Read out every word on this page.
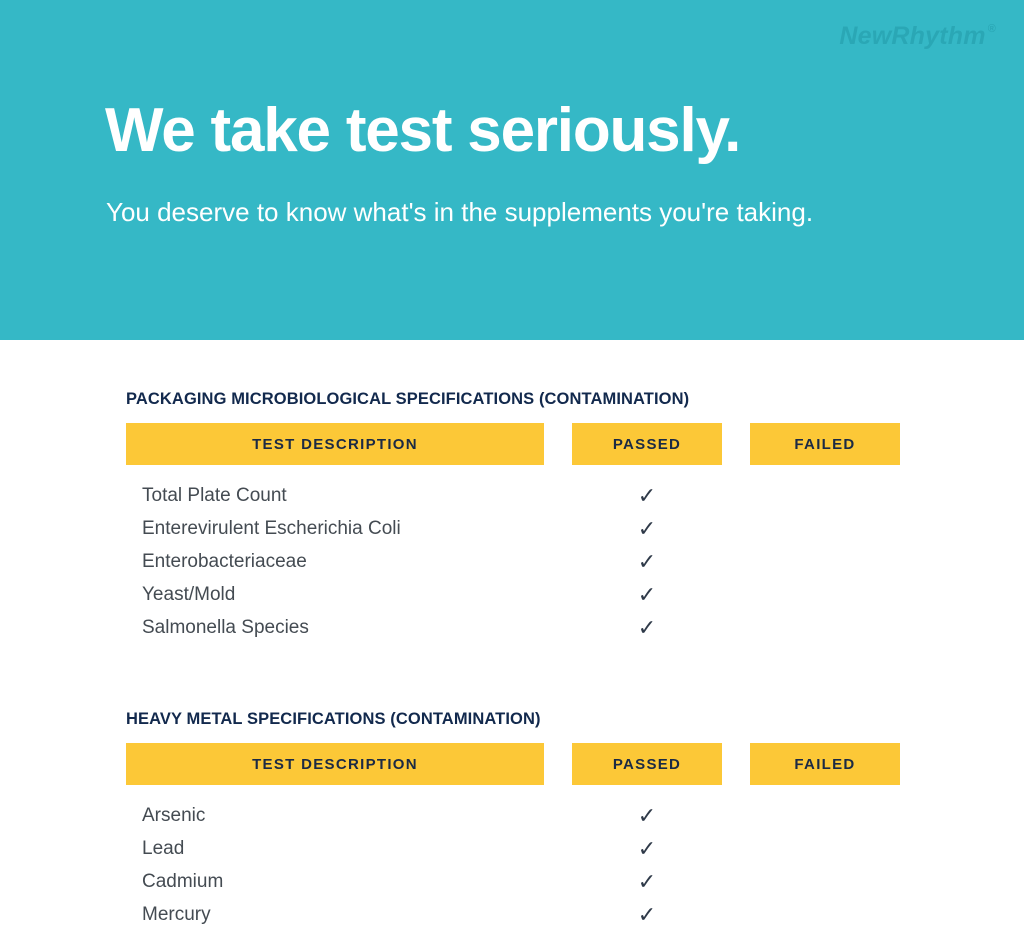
NewRhythm ®
We take test seriously.

You deserve to know what's in the supplements you're taking.

PACKAGING MICROBIOLOGICAL SPECIFICATIONS (CONTAMINATION)
TEST DESCRIPTION	PASSED	FAILED
Total Plate Count	✓
Enterevirulent Escherichia Coli	✓
Enterobacteriaceae	✓
Yeast/Mold	✓
Salmonella Species	✓
HEAVY METAL SPECIFICATIONS (CONTAMINATION)
TEST DESCRIPTION	PASSED	FAILED
Arsenic	✓
Lead	✓
Cadmium	✓
Mercury	✓
